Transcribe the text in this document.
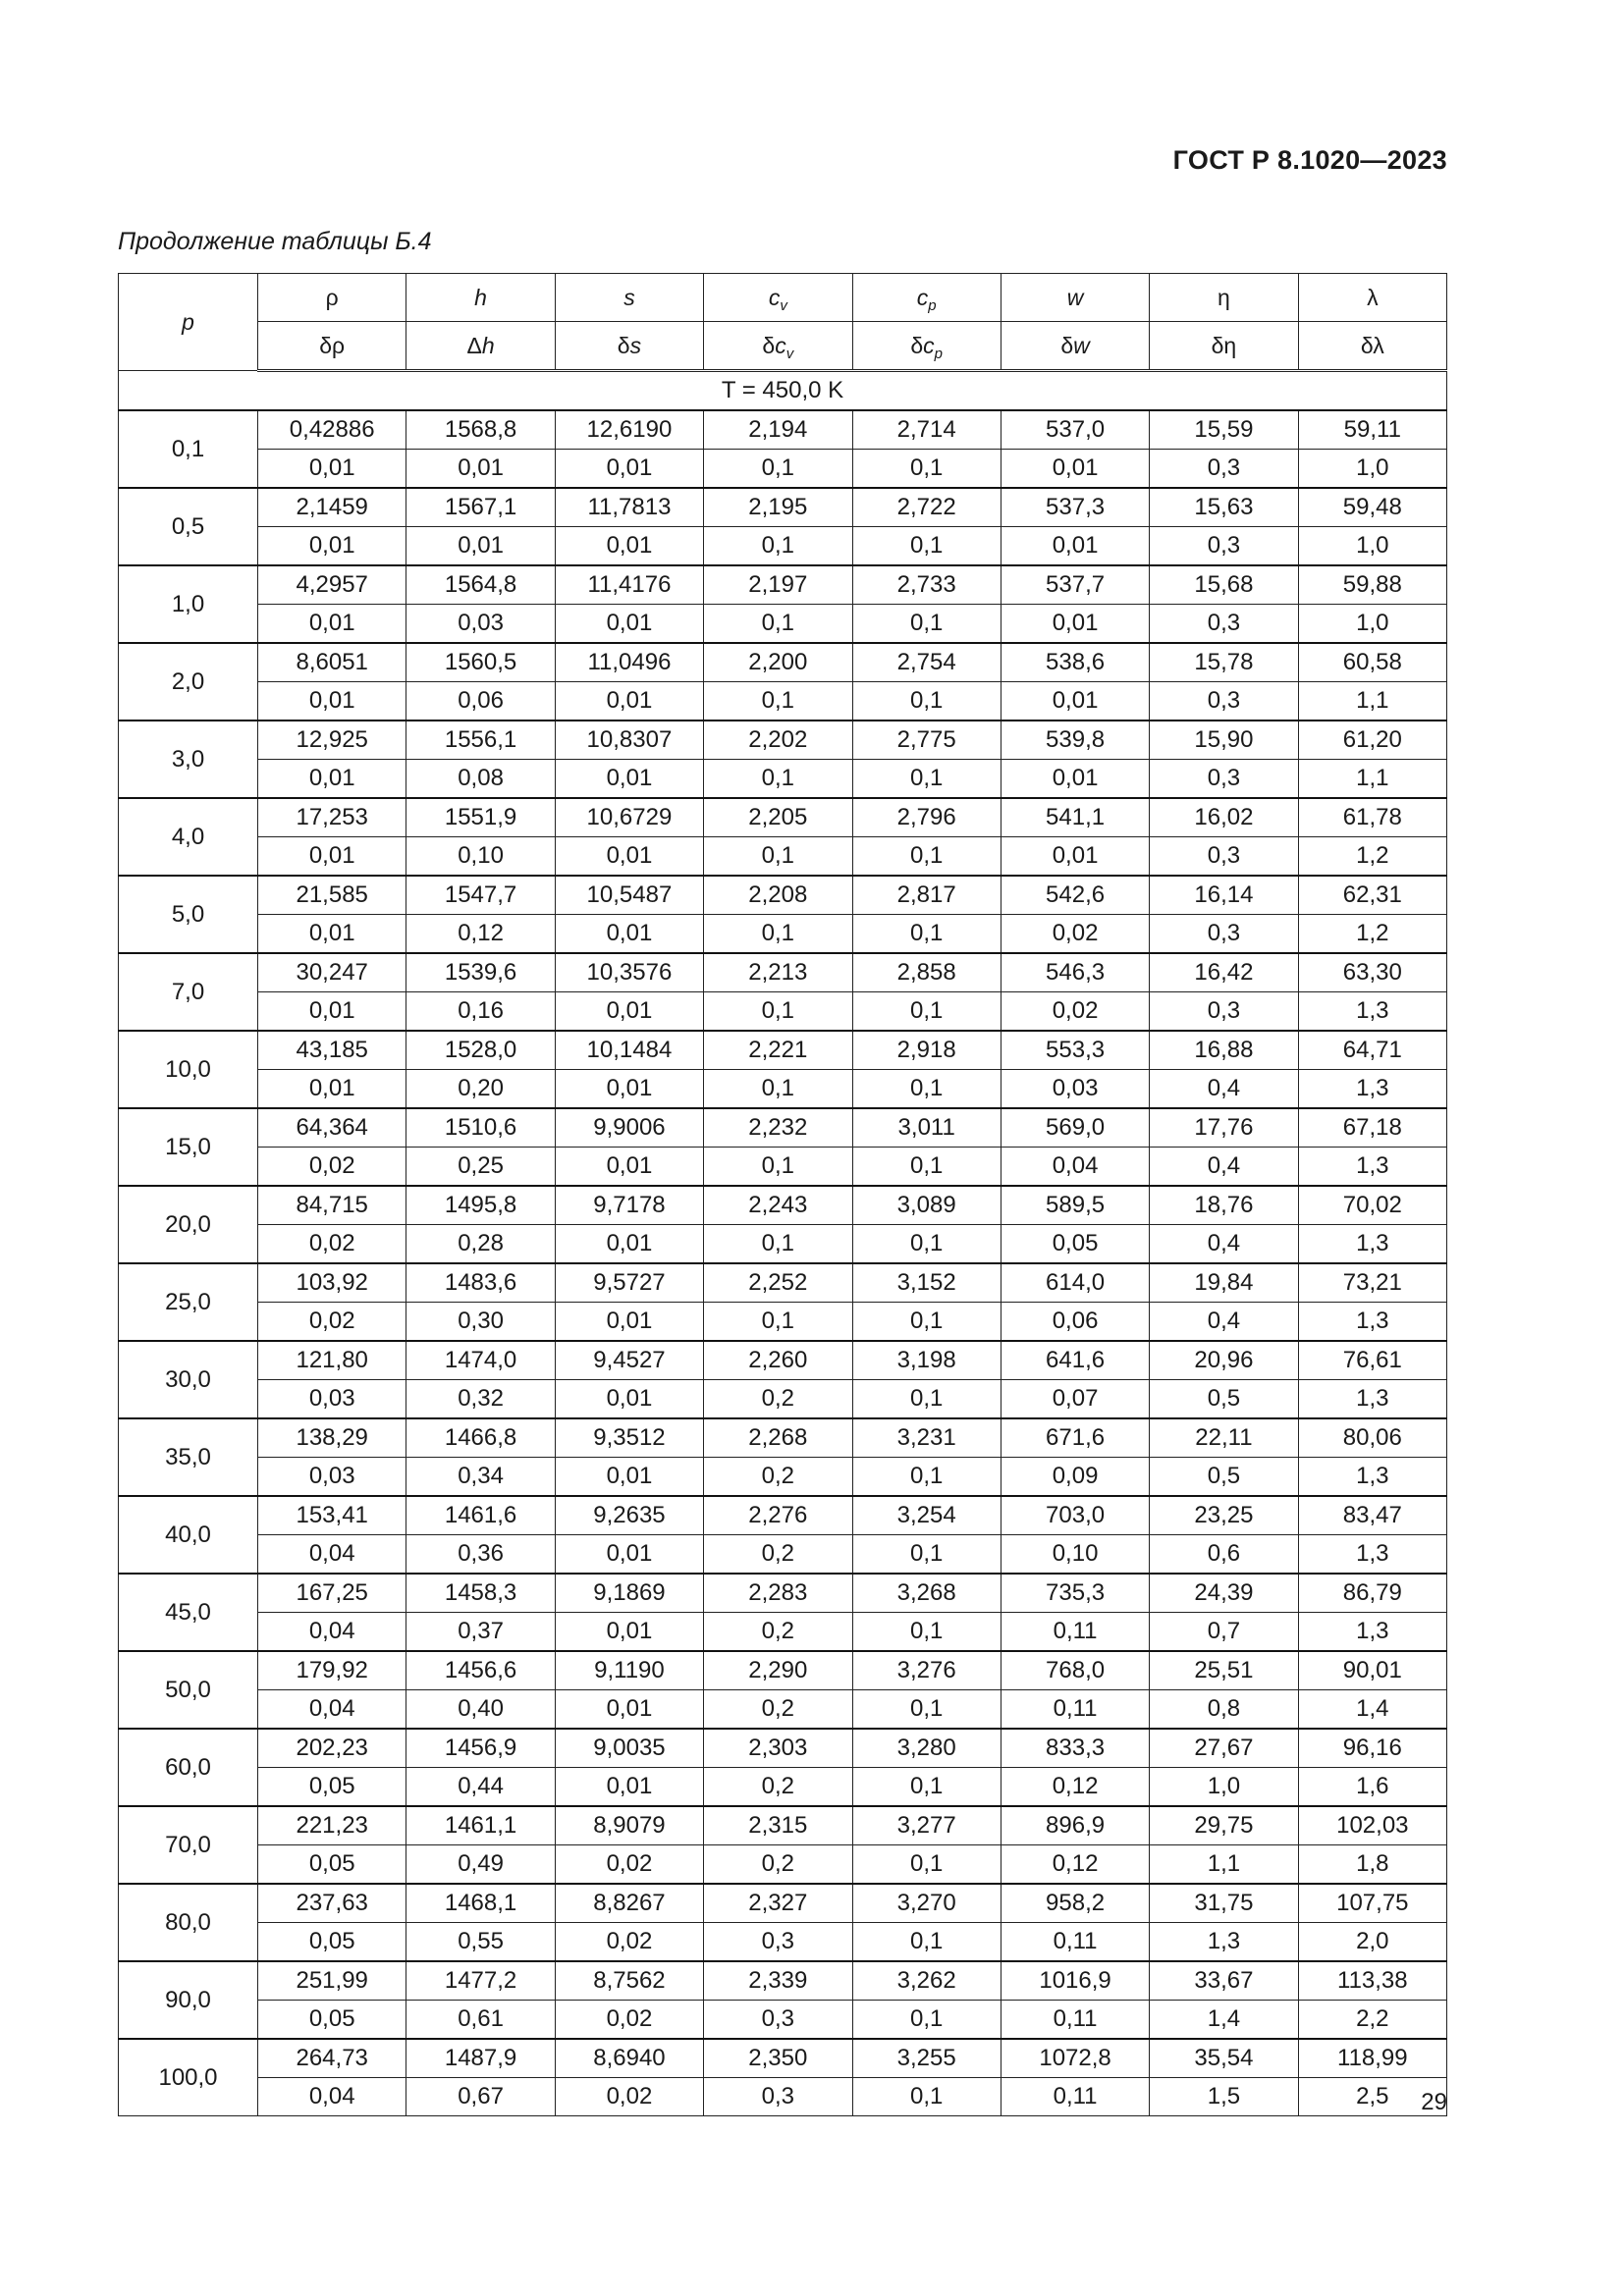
ГОСТ Р 8.1020—2023
Продолжение таблицы Б.4
p	ρ	h	s	$c_v$	$c_p$	w	η	λ
	δρ	Δh	δs	$\delta c_v$	$\delta c_p$	δw	δη	δλ
T = 450,0 K								
0,1	0,42886	1568,8	12,6190	2,194	2,714	537,0	15,59	59,11
	0,01	0,01	0,01	0,1	0,1	0,01	0,3	1,0
0,5	2,1459	1567,1	11,7813	2,195	2,722	537,3	15,63	59,48
	0,01	0,01	0,01	0,1	0,1	0,01	0,3	1,0
1,0	4,2957	1564,8	11,4176	2,197	2,733	537,7	15,68	59,88
	0,01	0,03	0,01	0,1	0,1	0,01	0,3	1,0
2,0	8,6051	1560,5	11,0496	2,200	2,754	538,6	15,78	60,58
	0,01	0,06	0,01	0,1	0,1	0,01	0,3	1,1
3,0	12,925	1556,1	10,8307	2,202	2,775	539,8	15,90	61,20
	0,01	0,08	0,01	0,1	0,1	0,01	0,3	1,1
4,0	17,253	1551,9	10,6729	2,205	2,796	541,1	16,02	61,78
	0,01	0,10	0,01	0,1	0,1	0,01	0,3	1,2
5,0	21,585	1547,7	10,5487	2,208	2,817	542,6	16,14	62,31
	0,01	0,12	0,01	0,1	0,1	0,02	0,3	1,2
7,0	30,247	1539,6	10,3576	2,213	2,858	546,3	16,42	63,30
	0,01	0,16	0,01	0,1	0,1	0,02	0,3	1,3
10,0	43,185	1528,0	10,1484	2,221	2,918	553,3	16,88	64,71
	0,01	0,20	0,01	0,1	0,1	0,03	0,4	1,3
15,0	64,364	1510,6	9,9006	2,232	3,011	569,0	17,76	67,18
	0,02	0,25	0,01	0,1	0,1	0,04	0,4	1,3
20,0	84,715	1495,8	9,7178	2,243	3,089	589,5	18,76	70,02
	0,02	0,28	0,01	0,1	0,1	0,05	0,4	1,3
25,0	103,92	1483,6	9,5727	2,252	3,152	614,0	19,84	73,21
	0,02	0,30	0,01	0,1	0,1	0,06	0,4	1,3
30,0	121,80	1474,0	9,4527	2,260	3,198	641,6	20,96	76,61
	0,03	0,32	0,01	0,2	0,1	0,07	0,5	1,3
35,0	138,29	1466,8	9,3512	2,268	3,231	671,6	22,11	80,06
	0,03	0,34	0,01	0,2	0,1	0,09	0,5	1,3
40,0	153,41	1461,6	9,2635	2,276	3,254	703,0	23,25	83,47
	0,04	0,36	0,01	0,2	0,1	0,10	0,6	1,3
45,0	167,25	1458,3	9,1869	2,283	3,268	735,3	24,39	86,79
	0,04	0,37	0,01	0,2	0,1	0,11	0,7	1,3
50,0	179,92	1456,6	9,1190	2,290	3,276	768,0	25,51	90,01
	0,04	0,40	0,01	0,2	0,1	0,11	0,8	1,4
60,0	202,23	1456,9	9,0035	2,303	3,280	833,3	27,67	96,16
	0,05	0,44	0,01	0,2	0,1	0,12	1,0	1,6
70,0	221,23	1461,1	8,9079	2,315	3,277	896,9	29,75	102,03
	0,05	0,49	0,02	0,2	0,1	0,12	1,1	1,8
80,0	237,63	1468,1	8,8267	2,327	3,270	958,2	31,75	107,75
	0,05	0,55	0,02	0,3	0,1	0,11	1,3	2,0
90,0	251,99	1477,2	8,7562	2,339	3,262	1016,9	33,67	113,38
	0,05	0,61	0,02	0,3	0,1	0,11	1,4	2,2
100,0	264,73	1487,9	8,6940	2,350	3,255	1072,8	35,54	118,99
	0,04	0,67	0,02	0,3	0,1	0,11	1,5	2,5 29
